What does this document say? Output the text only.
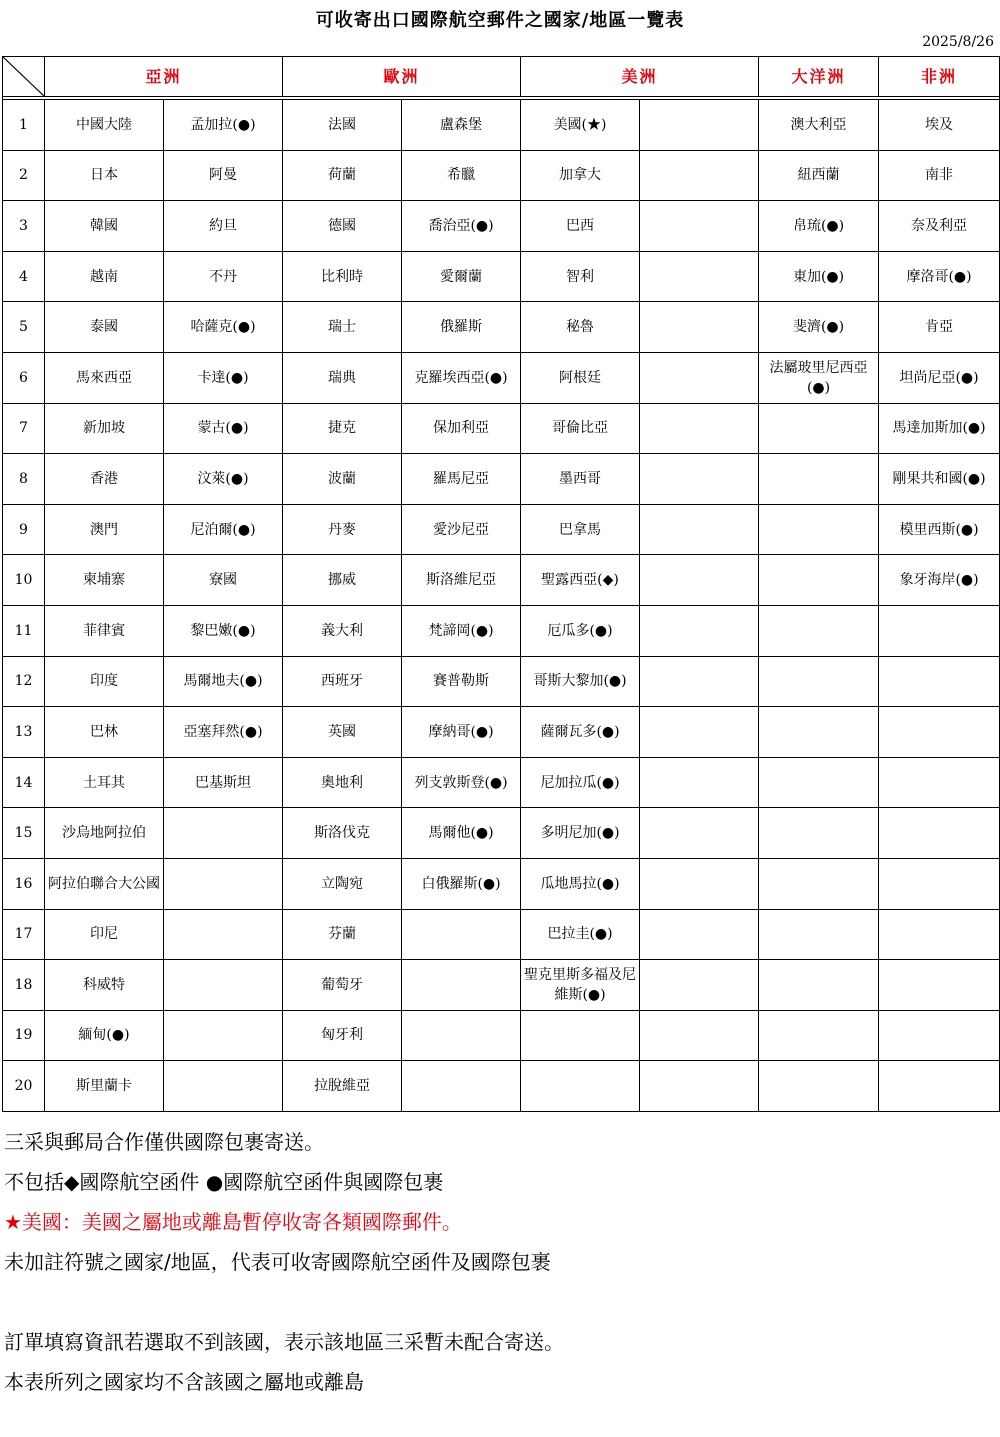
可收寄出口國際航空郵件之國家/地區一覽表
2025/8/26
	亞洲		歐洲		美洲		大洋洲	非洲

1	中國大陸	孟加拉(●)	法國	盧森堡	美國(★)		澳大利亞	埃及
2	日本	阿曼	荷蘭	希臘	加拿大		紐西蘭	南非
3	韓國	約旦	德國	喬治亞(●)	巴西		帛琉(●)	奈及利亞
4	越南	不丹	比利時	愛爾蘭	智利		東加(●)	摩洛哥(●)
5	泰國	哈薩克(●)	瑞士	俄羅斯	秘魯		斐濟(●)	肯亞
6	馬來西亞	卡達(●)	瑞典	克羅埃西亞(●)	阿根廷		法屬玻里尼西亞(●)	坦尚尼亞(●)
7	新加坡	蒙古(●)	捷克	保加利亞	哥倫比亞			馬達加斯加(●)
8	香港	汶萊(●)	波蘭	羅馬尼亞	墨西哥			剛果共和國(●)
9	澳門	尼泊爾(●)	丹麥	愛沙尼亞	巴拿馬			模里西斯(●)
10	柬埔寨	寮國	挪威	斯洛維尼亞	聖露西亞(◆)			象牙海岸(●)
11	菲律賓	黎巴嫩(●)	義大利	梵諦岡(●)	厄瓜多(●)			
12	印度	馬爾地夫(●)	西班牙	賽普勒斯	哥斯大黎加(●)			
13	巴林	亞塞拜然(●)	英國	摩納哥(●)	薩爾瓦多(●)			
14	土耳其	巴基斯坦	奧地利	列支敦斯登(●)	尼加拉瓜(●)			
15	沙烏地阿拉伯		斯洛伐克	馬爾他(●)	多明尼加(●)			
16	阿拉伯聯合大公國		立陶宛	白俄羅斯(●)	瓜地馬拉(●)			
17	印尼		芬蘭		巴拉圭(●)			
18	科威特		葡萄牙		聖克里斯多福及尼維斯(●)			
19	緬甸(●)		匈牙利					
20	斯里蘭卡		拉脫維亞					
三采與郵局合作僅供國際包裹寄送。
不包括◆國際航空函件 ●國際航空函件與國際包裹
★美國：美國之屬地或離島暫停收寄各類國際郵件。
未加註符號之國家/地區，代表可收寄國際航空函件及國際包裹
訂單填寫資訊若選取不到該國，表示該地區三采暫未配合寄送。
本表所列之國家均不含該國之屬地或離島
